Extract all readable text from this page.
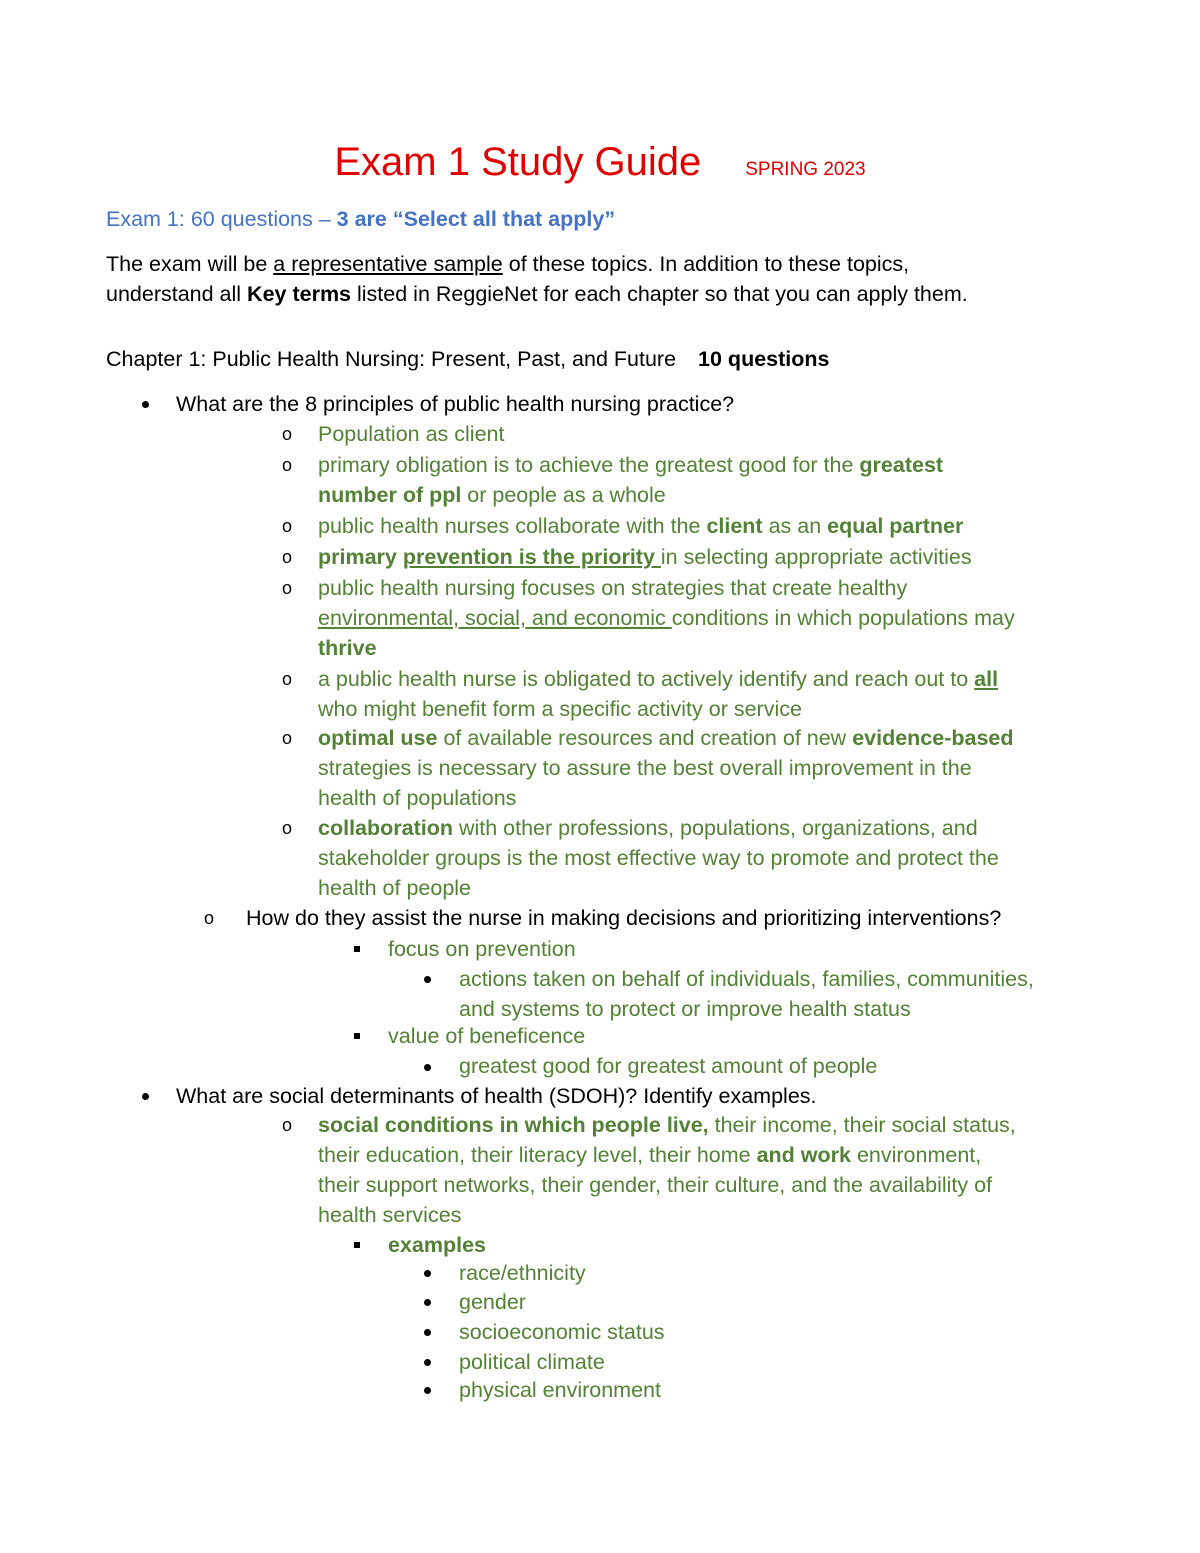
Exam 1 Study Guide SPRING 2023
Exam 1: 60 questions – 3 are “Select all that apply”
The exam will be a representative sample of these topics. In addition to these topics,
understand all Key terms listed in ReggieNet for each chapter so that you can apply them.
Chapter 1: Public Health Nursing: Present, Past, and Future 10 questions
What are the 8 principles of public health nursing practice?
o Population as client
o primary obligation is to achieve the greatest good for the greatest
number of ppl or people as a whole
o public health nurses collaborate with the client as an equal partner
o primary prevention is the priority in selecting appropriate activities
o public health nursing focuses on strategies that create healthy
environmental, social, and economic conditions in which populations may
thrive
o a public health nurse is obligated to actively identify and reach out to all
who might benefit form a specific activity or service
o optimal use of available resources and creation of new evidence-based
strategies is necessary to assure the best overall improvement in the
health of populations
o collaboration with other professions, populations, organizations, and
stakeholder groups is the most effective way to promote and protect the
health of people
o How do they assist the nurse in making decisions and prioritizing interventions?
focus on prevention
actions taken on behalf of individuals, families, communities,
and systems to protect or improve health status
value of beneficence
greatest good for greatest amount of people
What are social determinants of health (SDOH)? Identify examples.
o social conditions in which people live, their income, their social status,
their education, their literacy level, their home and work environment,
their support networks, their gender, their culture, and the availability of
health services
examples
race/ethnicity
gender
socioeconomic status
political climate
physical environment
